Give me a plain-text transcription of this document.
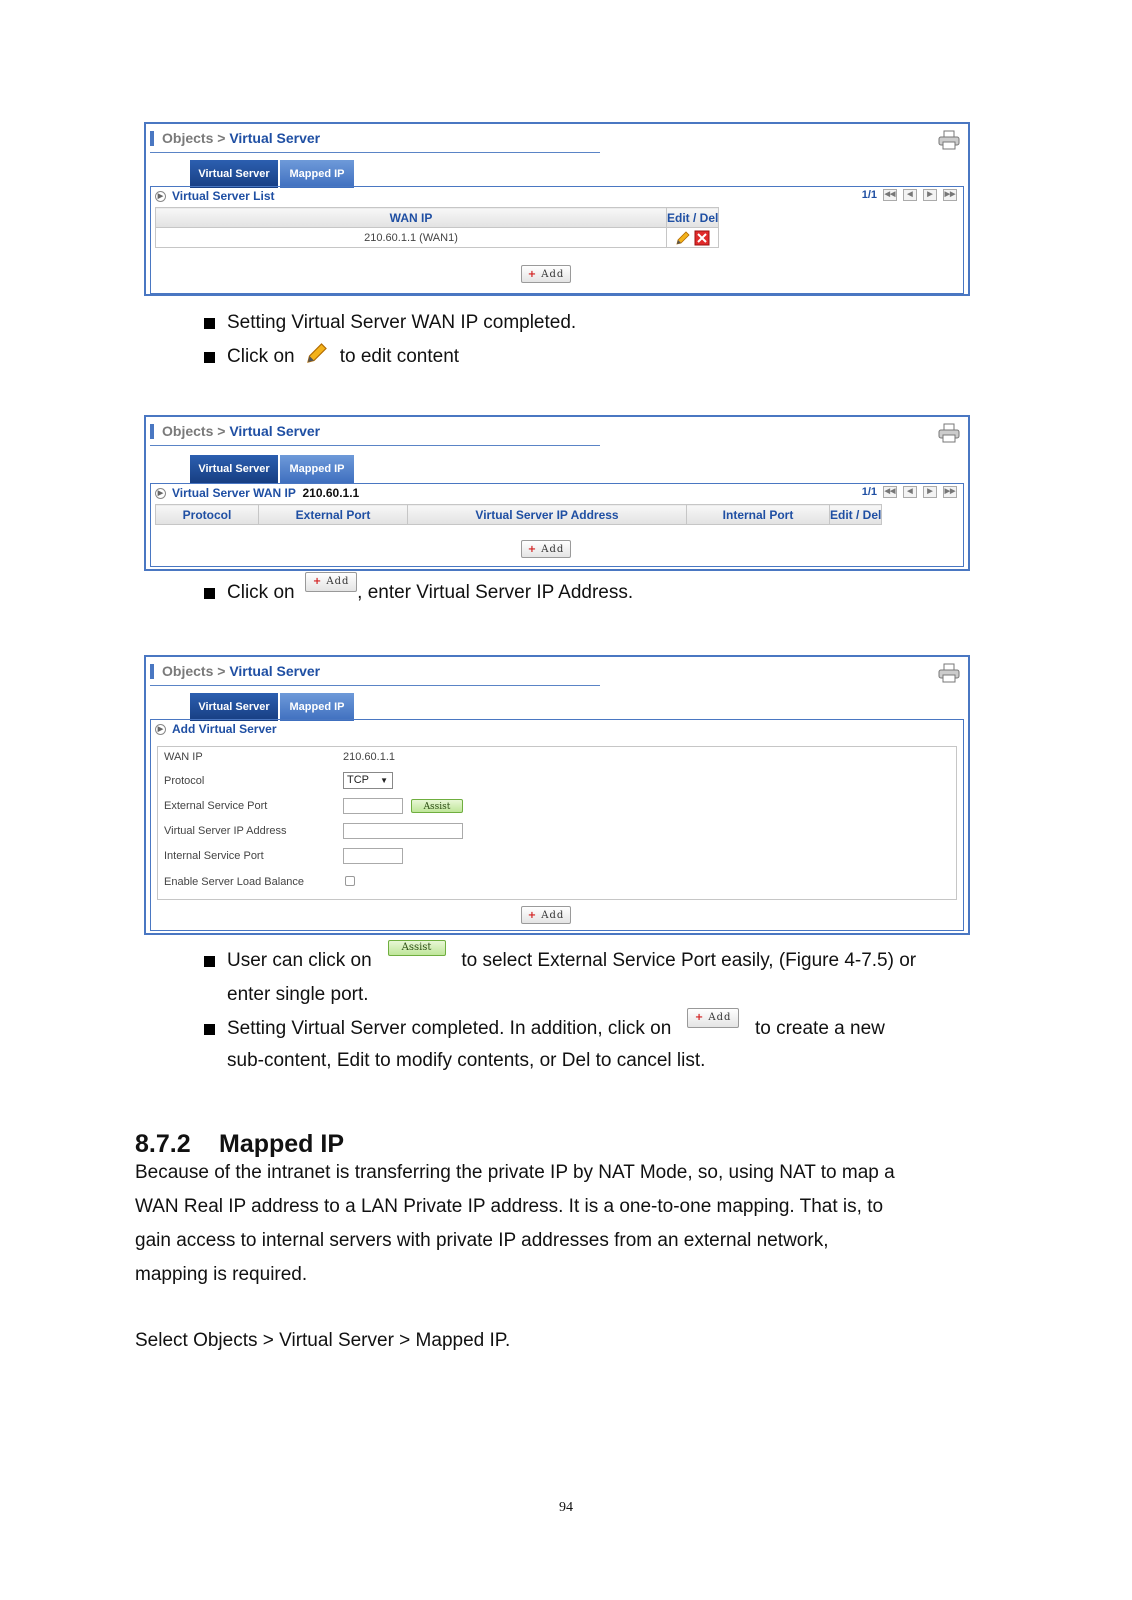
Objects > Virtual Server
Virtual Server	Mapped IP
▶ Virtual Server List	1/1 ◀◀ ◀ ▶ ▶▶
WAN IP	Edit / Del
210.60.1.1 (WAN1)	
+ Add
Setting Virtual Server WAN IP completed.
Click on to edit content
Objects > Virtual Server
Virtual Server	Mapped IP
▶ Virtual Server WAN IP 210.60.1.1	1/1 ◀◀ ◀ ▶ ▶▶
Protocol	External Port	Virtual Server IP Address	Internal Port	Edit / Del
+ Add
Click on  + Add, enter Virtual Server IP Address.
Objects > Virtual Server
Virtual Server	Mapped IP
▶ Add Virtual Server
WAN IP	210.60.1.1
Protocol	TCP ▼
External Service Port	Assist
Virtual Server IP Address
Internal Service Port
Enable Server Load Balance
+ Add
User can click on   Assist   to select External Service Port easily, (Figure 4-7.5) or
enter single port.
Setting Virtual Server completed. In addition, click on   + Add   to create a new
sub-content, Edit to modify contents, or Del to cancel list.
8.7.2 Mapped IP
Because of the intranet is transferring the private IP by NAT Mode, so, using NAT to map a
WAN Real IP address to a LAN Private IP address. It is a one-to-one mapping. That is, to
gain access to internal servers with private IP addresses from an external network,
mapping is required.
Select Objects > Virtual Server > Mapped IP.
94
